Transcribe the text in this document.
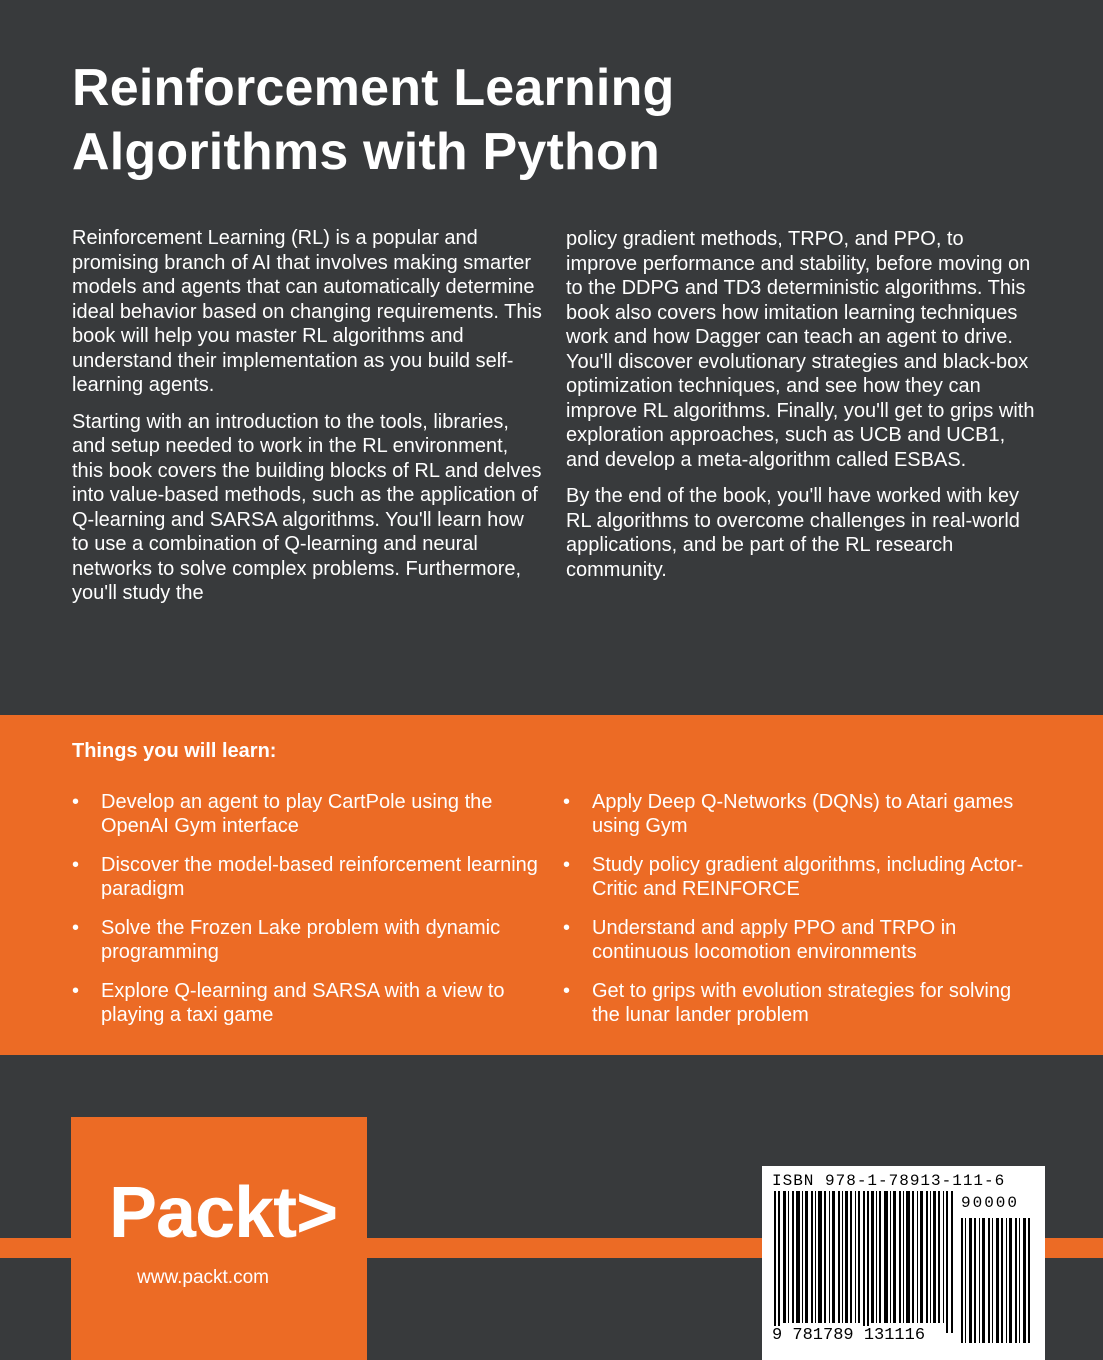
Reinforcement Learning
Algorithms with Python

Reinforcement Learning (RL) is a popular and promising branch of AI that involves making smarter models and agents that can automatically determine ideal behavior based on changing requirements. This book will help you master RL algorithms and understand their implementation as you build self-learning agents.

Starting with an introduction to the tools, libraries, and setup needed to work in the RL environment, this book covers the building blocks of RL and delves into value-based methods, such as the application of Q-learning and SARSA algorithms. You'll learn how to use a combination of Q-learning and neural networks to solve complex problems. Furthermore, you'll study the

policy gradient methods, TRPO, and PPO, to improve performance and stability, before moving on to the DDPG and TD3 deterministic algorithms. This book also covers how imitation learning techniques work and how Dagger can teach an agent to drive. You'll discover evolutionary strategies and black-box optimization techniques, and see how they can improve RL algorithms. Finally, you'll get to grips with exploration approaches, such as UCB and UCB1, and develop a meta-algorithm called ESBAS.

By the end of the book, you'll have worked with key RL algorithms to overcome challenges in real-world applications, and be part of the RL research community.

Things you will learn:
• Develop an agent to play CartPole using the OpenAI Gym interface
• Discover the model-based reinforcement learning paradigm
• Solve the Frozen Lake problem with dynamic programming
• Explore Q-learning and SARSA with a view to playing a taxi game
• Apply Deep Q-Networks (DQNs) to Atari games using Gym
• Study policy gradient algorithms, including Actor-Critic and REINFORCE
• Understand and apply PPO and TRPO in continuous locomotion environments
• Get to grips with evolution strategies for solving the lunar lander problem
Packt>
www.packt.com
ISBN 978-1-78913-111-6
90000
9 781789 131116
